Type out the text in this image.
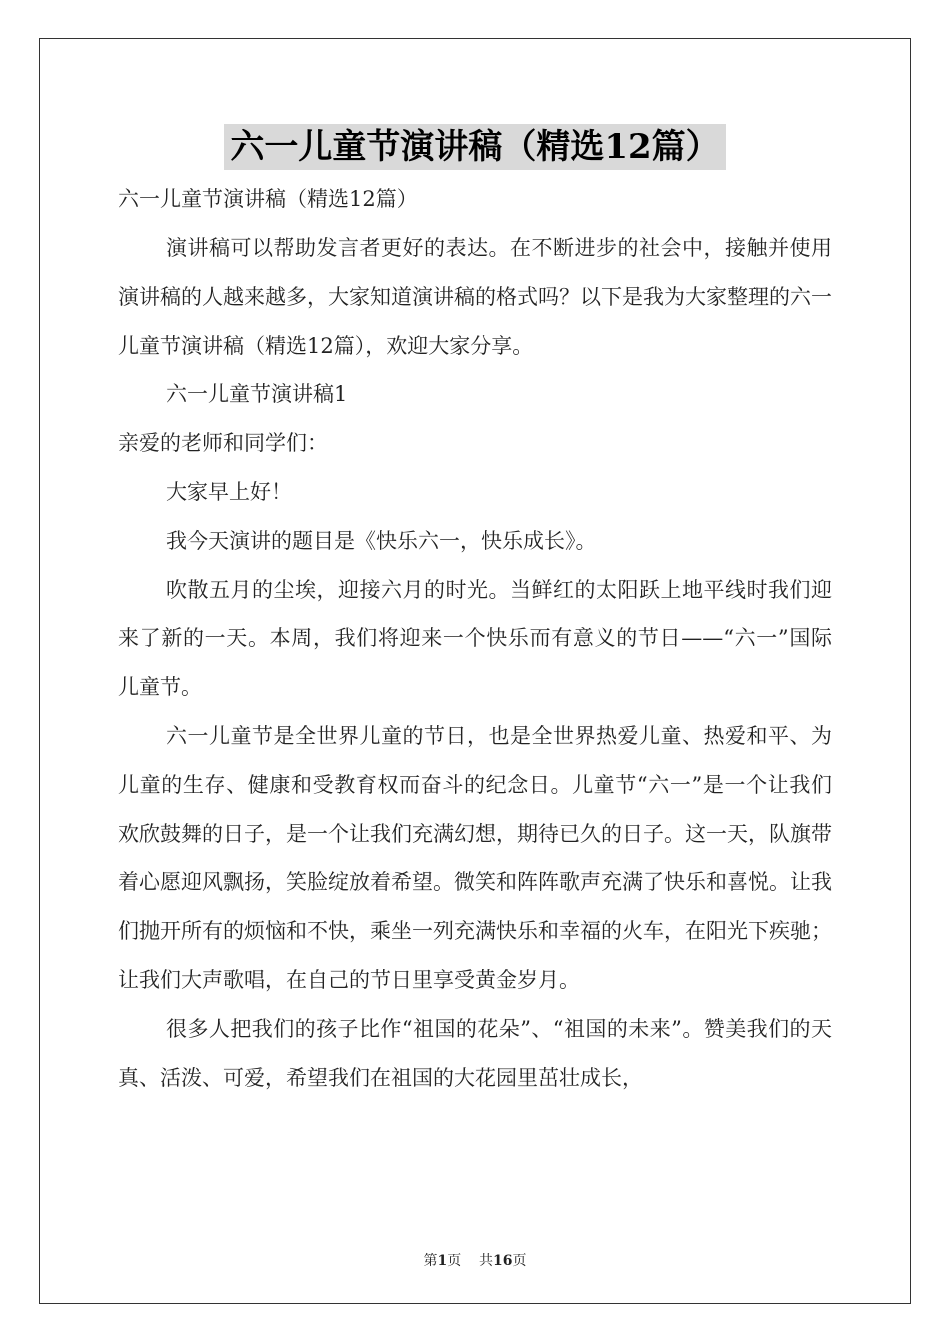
六一儿童节演讲稿（精选12篇）

六一儿童节演讲稿（精选12篇）

演讲稿可以帮助发言者更好的表达。在不断进步的社会中，接触并使用演讲稿的人越来越多，大家知道演讲稿的格式吗？以下是我为大家整理的六一儿童节演讲稿（精选12篇），欢迎大家分享。

六一儿童节演讲稿1

亲爱的老师和同学们：

大家早上好！

我今天演讲的题目是《快乐六一，快乐成长》。

吹散五月的尘埃，迎接六月的时光。当鲜红的太阳跃上地平线时我们迎来了新的一天。本周，我们将迎来一个快乐而有意义的节日——“六一”国际儿童节。

六一儿童节是全世界儿童的节日，也是全世界热爱儿童、热爱和平、为儿童的生存、健康和受教育权而奋斗的纪念日。儿童节“六一”是一个让我们欢欣鼓舞的日子，是一个让我们充满幻想，期待已久的日子。这一天，队旗带着心愿迎风飘扬，笑脸绽放着希望。微笑和阵阵歌声充满了快乐和喜悦。让我们抛开所有的烦恼和不快，乘坐一列充满快乐和幸福的火车，在阳光下疾驰；让我们大声歌唱，在自己的节日里享受黄金岁月。

很多人把我们的孩子比作“祖国的花朵”、“祖国的未来”。赞美我们的天真、活泼、可爱，希望我们在祖国的大花园里茁壮成长，

第1页 共16页
